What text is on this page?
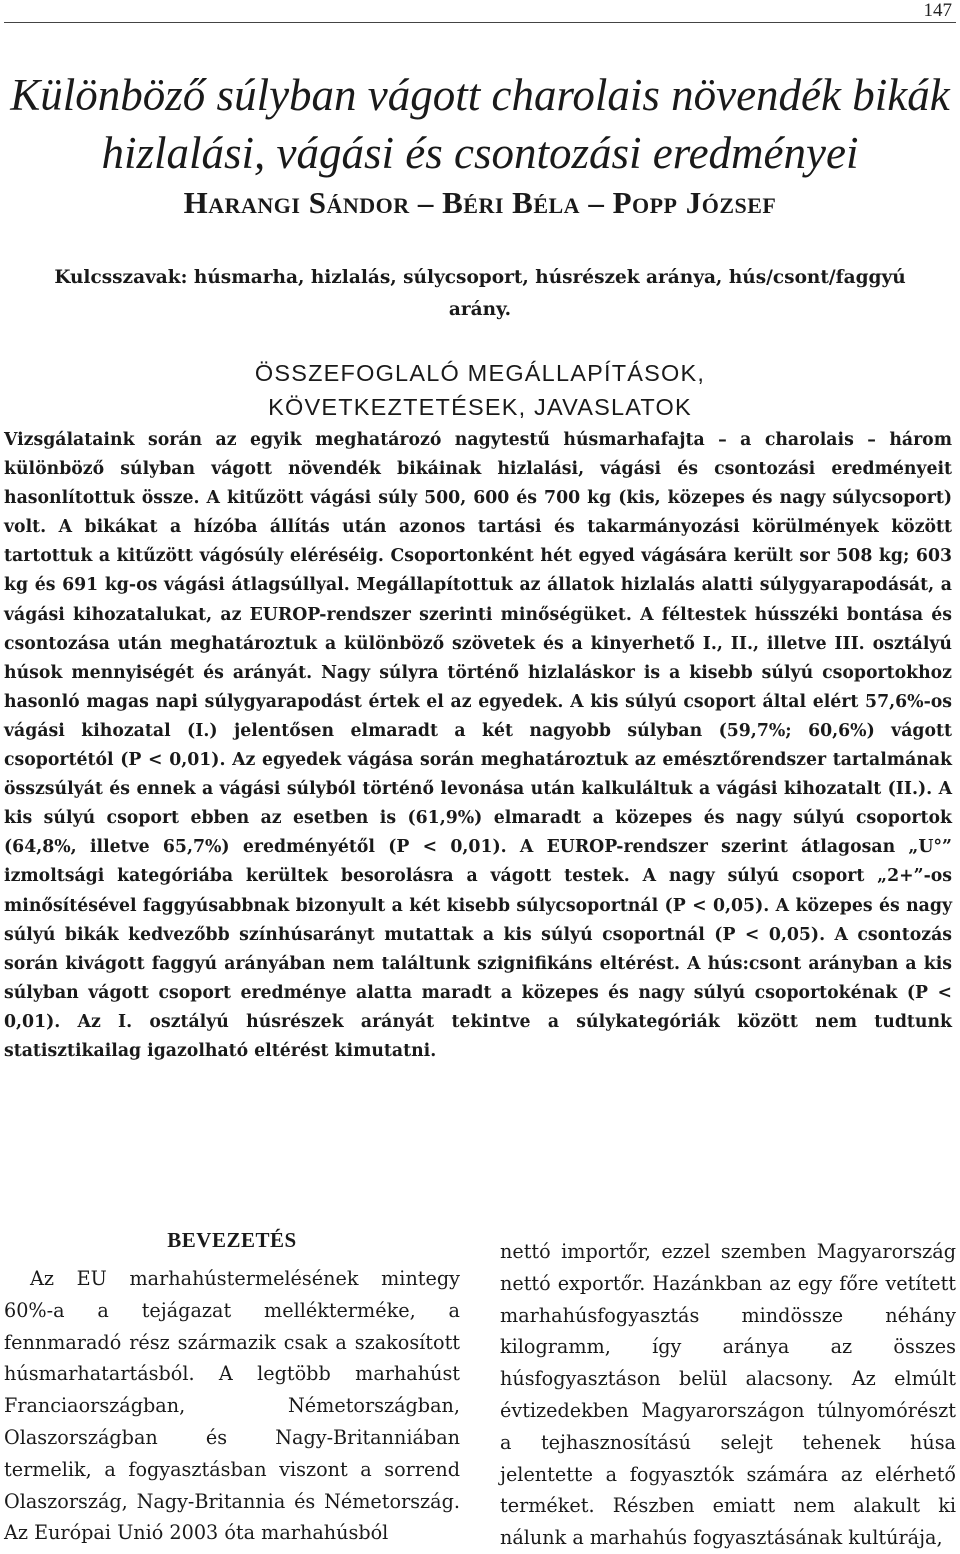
147
Különböző súlyban vágott charolais növendék bikák hizlalási, vágási és csontozási eredményei
Harangi Sándor – Béri Béla – Popp József
Kulcsszavak: húsmarha, hizlalás, súlycsoport, húsrészek aránya, hús/csont/faggyú
arány.
ÖSSZEFOGLALÓ MEGÁLLAPÍTÁSOK,
KÖVETKEZTETÉSEK, JAVASLATOK

Vizsgálataink során az egyik meghatározó nagytestű húsmarhafajta – a charolais – három különböző súlyban vágott növendék bikáinak hizlalási, vágási és csontozási eredményeit hasonlítottuk össze. A kitűzött vágási súly 500, 600 és 700 kg (kis, közepes és nagy súlycsoport) volt. A bikákat a hízóba állítás után azonos tartási és takarmányozási körülmények között tartottuk a kitűzött vágósúly eléréséig. Csoportonként hét egyed vágására került sor 508 kg; 603 kg és 691 kg-os vágási átlagsúllyal. Megállapítottuk az állatok hizlalás alatti súlygyarapodását, a vágási kihozatalukat, az EUROP-rendszer szerinti minőségüket. A féltestek hússzéki bontása és csontozása után meghatároztuk a különböző szövetek és a kinyerhető I., II., illetve III. osztályú húsok mennyiségét és arányát. Nagy súlyra történő hizlaláskor is a kisebb súlyú csoportokhoz hasonló magas napi súlygyarapodást értek el az egyedek. A kis súlyú csoport által elért 57,6%-os vágási kihozatal (I.) jelentősen elmaradt a két nagyobb súlyban (59,7%; 60,6%) vágott csoportétól (P < 0,01). Az egyedek vágása során meghatároztuk az emésztőrendszer tartalmának összsúlyát és ennek a vágási súlyból történő levonása után kalkuláltuk a vágási kihozatalt (II.). A kis súlyú csoport ebben az esetben is (61,9%) elmaradt a közepes és nagy súlyú csoportok (64,8%, illetve 65,7%) eredményétől (P < 0,01). A EUROP-rendszer szerint átlagosan „U°” izmoltsági kategóriába kerültek besorolásra a vágott testek. A nagy súlyú csoport „2+”-os minősítésével faggyúsabbnak bizonyult a két kisebb súlycsoportnál (P < 0,05). A közepes és nagy súlyú bikák kedvezőbb színhúsarányt mutattak a kis súlyú csoportnál (P < 0,05). A csontozás során kivágott faggyú arányában nem találtunk szignifikáns eltérést. A hús:csont arányban a kis súlyban vágott csoport eredménye alatta maradt a közepes és nagy súlyú csoportokénak (P < 0,01). Az I. osztályú húsrészek arányát tekintve a súlykategóriák között nem tudtunk statisztikailag igazolható eltérést kimutatni.

BEVEZETÉS

Az EU marhahústermelésének mintegy 60%-a a tejágazat mellékterméke, a fennmaradó rész származik csak a szakosított húsmarhatartásból. A legtöbb marhahúst Franciaországban, Németországban, Olaszországban és Nagy-Britanniában termelik, a fogyasztásban viszont a sorrend Olaszország, Nagy-Britannia és Németország. Az Európai Unió 2003 óta marhahúsból

nettó importőr, ezzel szemben Magyarország nettó exportőr. Hazánkban az egy főre vetített marhahúsfogyasztás mindössze néhány kilogramm, így aránya az összes húsfogyasztáson belül alacsony. Az elmúlt évtizedekben Magyarországon túlnyomórészt a tejhasznosítású selejt tehenek húsa jelentette a fogyasztók számára az elérhető terméket. Részben emiatt nem alakult ki nálunk a marhahús fogyasztásának kultúrája,
